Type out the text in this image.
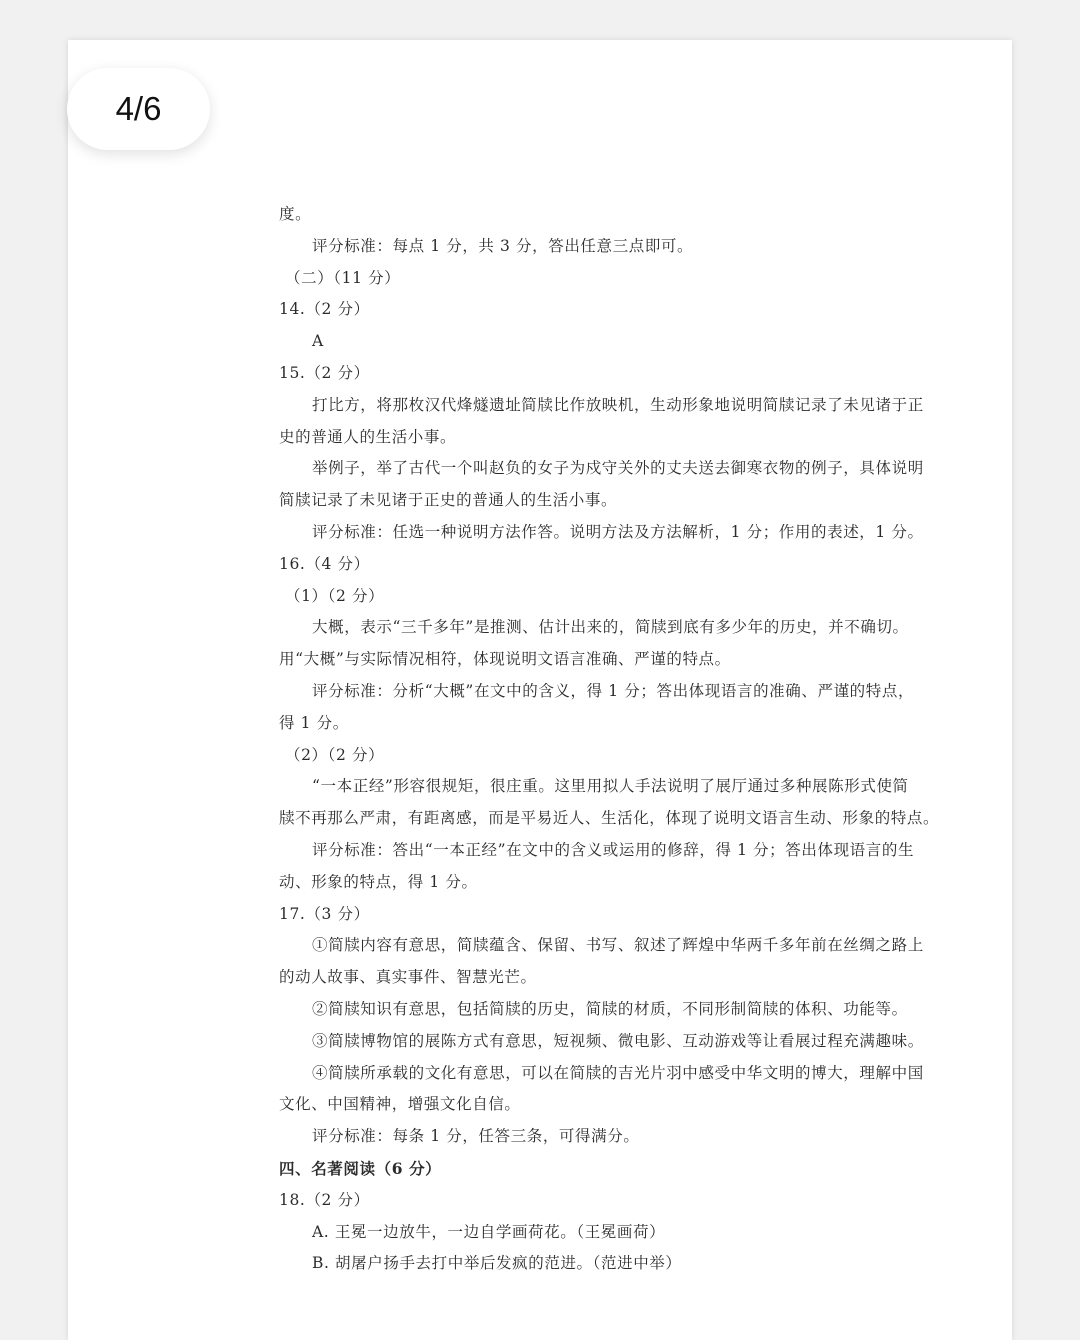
度。
评分标准：每点 1 分，共 3 分，答出任意三点即可。
（二）（11 分）
14.（2 分）
A
15.（2 分）
打比方，将那枚汉代烽燧遗址简牍比作放映机，生动形象地说明简牍记录了未见诸于正
史的普通人的生活小事。
举例子，举了古代一个叫赵负的女子为戍守关外的丈夫送去御寒衣物的例子，具体说明
简牍记录了未见诸于正史的普通人的生活小事。
评分标准：任选一种说明方法作答。说明方法及方法解析，1 分；作用的表述，1 分。
16.（4 分）
（1）（2 分）
大概，表示“三千多年”是推测、估计出来的，简牍到底有多少年的历史，并不确切。
用“大概”与实际情况相符，体现说明文语言准确、严谨的特点。
评分标准：分析“大概”在文中的含义，得 1 分；答出体现语言的准确、严谨的特点，
得 1 分。
（2）（2 分）
“一本正经”形容很规矩，很庄重。这里用拟人手法说明了展厅通过多种展陈形式使简
牍不再那么严肃，有距离感，而是平易近人、生活化，体现了说明文语言生动、形象的特点。
评分标准：答出“一本正经”在文中的含义或运用的修辞，得 1 分；答出体现语言的生
动、形象的特点，得 1 分。
17.（3 分）
①简牍内容有意思，简牍蕴含、保留、书写、叙述了辉煌中华两千多年前在丝绸之路上
的动人故事、真实事件、智慧光芒。
②简牍知识有意思，包括简牍的历史，简牍的材质，不同形制简牍的体积、功能等。
③简牍博物馆的展陈方式有意思，短视频、微电影、互动游戏等让看展过程充满趣味。
④简牍所承载的文化有意思，可以在简牍的吉光片羽中感受中华文明的博大，理解中国
文化、中国精神，增强文化自信。
评分标准：每条 1 分，任答三条，可得满分。
四、名著阅读（6 分）
18.（2 分）
A. 王冕一边放牛，一边自学画荷花。（王冕画荷）
B. 胡屠户扬手去打中举后发疯的范进。（范进中举）
4/6
